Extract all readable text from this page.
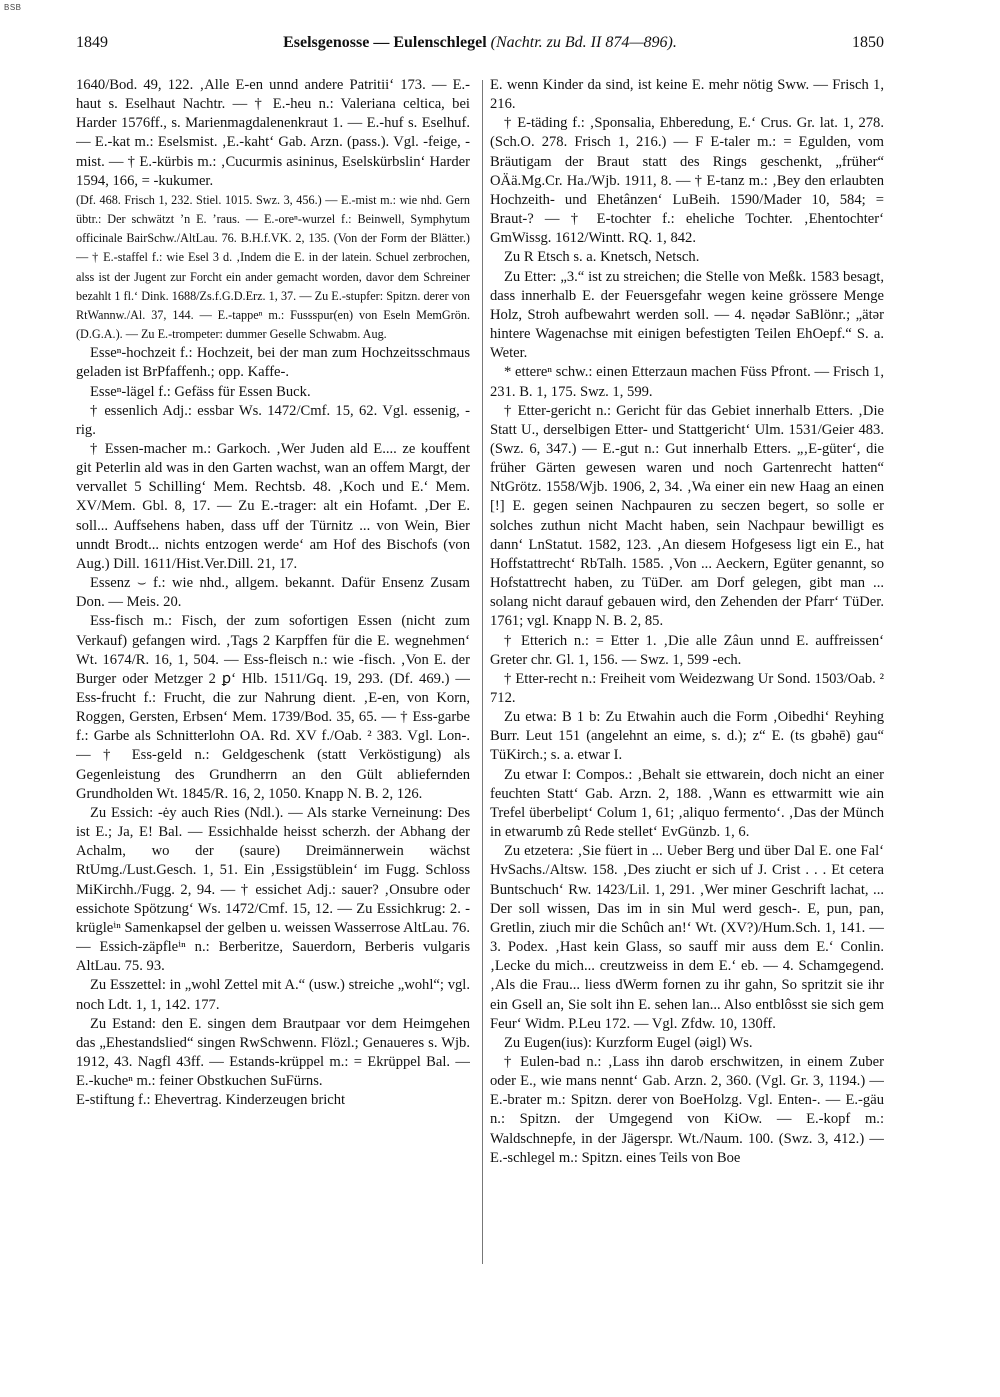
BSB
1849	Eselsgenosse — Eulenschlegel (Nachtr. zu Bd. II 874—896).	1850

1640/Bod. 49, 122. ‚Alle E-en unnd andere Patritii‘ 173. — E.-haut s. Eselhaut Nachtr. — † E.-heu n.: Valeriana celtica, bei Harder 1576ff., s. Marienmagdalenenkraut 1. — E.-huf s. Eselhuf. — E.-kat m.: Eselsmist. ‚E.-kaht‘ Gab. Arzn. (pass.). Vgl. -feige, -mist. — † E.-kürbis m.: ‚Cucurmis asininus, Eselskürbslin‘ Harder 1594, 166, = -kukumer.

(Df. 468. Frisch 1, 232. Stiel. 1015. Swz. 3, 456.) — E.-mist m.: wie nhd. Gern übtr.: Der schwätzt ’n E. ’raus. — E.-oreⁿ-wurzel f.: Beinwell, Symphytum officinale BairSchw./AltLau. 76. B.H.f.VK. 2, 135. (Von der Form der Blätter.) — † E.-staffel f.: wie Esel 3 d. ‚Indem die E. in der latein. Schuel zerbrochen, alss ist der Jugent zur Forcht ein ander gemacht worden, davor dem Schreiner bezahlt 1 fl.‘ Dink. 1688/Zs.f.G.D.Erz. 1, 37. — Zu E.-stupfer: Spitzn. derer von RtWannw./Al. 37, 144. — E.-tappeⁿ m.: Fussspur(en) von Eseln MemGrön. (D.G.A.). — Zu E.-trompeter: dummer Geselle Schwabm. Aug.

Esseⁿ-hochzeit f.: Hochzeit, bei der man zum Hochzeitsschmaus geladen ist BrPfaffenh.; opp. Kaffe-.

Esseⁿ-lägel f.: Gefäss für Essen Buck.

† essenlich Adj.: essbar Ws. 1472/Cmf. 15, 62. Vgl. essenig, -rig.

† Essen-macher m.: Garkoch. ‚Wer Juden ald E.... ze kouffent git Peterlin ald was in den Garten wachst, wan an offem Margt, der vervallet 5 Schilling‘ Mem. Rechtsb. 48. ‚Koch und E.‘ Mem. XV/Mem. Gbl. 8, 17. — Zu E.-trager: alt ein Hofamt. ‚Der E. soll... Auffsehens haben, dass uff der Türnitz ... von Wein, Bier unndt Brodt... nichts entzogen werde‘ am Hof des Bischofs (von Aug.) Dill. 1611/Hist.Ver.Dill. 21, 17.

Essenz ⌣ f.: wie nhd., allgem. bekannt. Dafür Ensenz Zusam Don. — Meis. 20.

Ess-fisch m.: Fisch, der zum sofortigen Essen (nicht zum Verkauf) gefangen wird. ‚Tags 2 Karpffen für die E. wegnehmen‘ Wt. 1674/R. 16, 1, 504. — Ess-fleisch n.: wie -fisch. ‚Von E. der Burger oder Metzger 2 ꝑ‘ Hlb. 1511/Gq. 19, 293. (Df. 469.) — Ess-frucht f.: Frucht, die zur Nahrung dient. ‚E-en, von Korn, Roggen, Gersten, Erbsen‘ Mem. 1739/Bod. 35, 65. — † Ess-garbe f.: Garbe als Schnitterlohn OA. Rd. XV f./Oab. ² 383. Vgl. Lon-. — † Ess-geld n.: Geldgeschenk (statt Verköstigung) als Gegenleistung des Grundherrn an den Gült abliefernden Grundholden Wt. 1845/R. 16, 2, 1050. Knapp N. B. 2, 126.

Zu Essich: -ėy auch Ries (Ndl.). — Als starke Verneinung: Des ist E.; Ja, E! Bal. — Essichhalde heisst scherzh. der Abhang der Achalm, wo der (saure) Dreimännerwein wächst RtUmg./Lust.Gesch. 1, 51. Ein ‚Essigstüblein‘ im Fugg. Schloss MiKirchh./Fugg. 2, 94. — † essichet Adj.: sauer? ‚Onsubre oder essichote Spötzung‘ Ws. 1472/Cmf. 15, 12. — Zu Essichkrug: 2. -krügleⁱⁿ Samenkapsel der gelben u. weissen Wasserrose AltLau. 76. — Essich-zäpfleⁱⁿ n.: Berberitze, Sauerdorn, Berberis vulgaris AltLau. 75. 93.

Zu Esszettel: in „wohl Zettel mit A.“ (usw.) streiche „wohl“; vgl. noch Ldt. 1, 1, 142. 177.

Zu Estand: den E. singen dem Brautpaar vor dem Heimgehen das „Ehestandslied“ singen RwSchwenn. Flözl.; Genaueres s. Wjb. 1912, 43. Nagfl 43ff. — Estands-krüppel m.: = Ekrüppel Bal. — E.-kucheⁿ m.: feiner Obstkuchen SuFürns.

E-stiftung f.: Ehevertrag. Kinderzeugen bricht

E. wenn Kinder da sind, ist keine E. mehr nötig Sww. — Frisch 1, 216.

† E-täding f.: ‚Sponsalia, Ehberedung, E.‘ Crus. Gr. lat. 1, 278. (Sch.O. 278. Frisch 1, 216.) — F E-taler m.: = Egulden, vom Bräutigam der Braut statt des Rings geschenkt, „früher“ OÄä.Mg.Cr. Ha./Wjb. 1911, 8. — † E-tanz m.: ‚Bey den erlaubten Hochzeith- und Ehetânzen‘ LuBeih. 1590/Mader 10, 584; = Braut-? — † E-tochter f.: eheliche Tochter. ‚Ehentochter‘ GmWissg. 1612/Wintt. RQ. 1, 842.

Zu R Etsch s. a. Knetsch, Netsch.

Zu Etter: „3.“ ist zu streichen; die Stelle von Meßk. 1583 besagt, dass innerhalb E. der Feuersgefahr wegen keine grössere Menge Holz, Stroh aufbewahrt werden soll. — 4. nęədər SaBlönr.; „ätər hintere Wagenachse mit einigen befestigten Teilen EhOepf.“ S. a. Weter.

* ettereⁿ schw.: einen Etterzaun machen Füss Pfront. — Frisch 1, 231. B. 1, 175. Swz. 1, 599.

† Etter-gericht n.: Gericht für das Gebiet innerhalb Etters. ‚Die Statt U., derselbigen Etter- und Stattgericht‘ Ulm. 1531/Geier 483. (Swz. 6, 347.) — E.-gut n.: Gut innerhalb Etters. „‚E-güter‘, die früher Gärten gewesen waren und noch Gartenrecht hatten“ NtGrötz. 1558/Wjb. 1906, 2, 34. ‚Wa einer ein new Haag an einen [!] E. gegen seinen Nachpauren zu seczen begert, so solle er solches zuthun nicht Macht haben, sein Nachpaur bewilligt es dann‘ LnStatut. 1582, 123. ‚An diesem Hofgesess ligt ein E., hat Hoffstattrecht‘ RbTalh. 1585. ‚Von ... Aeckern, Egüter genannt, so Hofstattrecht haben, zu TüDer. am Dorf gelegen, gibt man ... solang nicht darauf gebauen wird, den Zehenden der Pfarr‘ TüDer. 1761; vgl. Knapp N. B. 2, 85.

† Etterich n.: = Etter 1. ‚Die alle Zâun unnd E. auffreissen‘ Greter chr. Gl. 1, 156. — Swz. 1, 599 -ech.

† Etter-recht n.: Freiheit vom Weidezwang Ur Sond. 1503/Oab. ² 712.

Zu etwa: B 1 b: Zu Etwahin auch die Form ‚Oibedhi‘ Reyhing Burr. Leut 151 (angelehnt an eime, s. d.); z“ E. (ts gbəhē) gau“ TüKirch.; s. a. etwar I.

Zu etwar I: Compos.: ‚Behalt sie ettwarein, doch nicht an einer feuchten Statt‘ Gab. Arzn. 2, 188. ‚Wann es ettwarmitt wie ain Trefel überbelipt‘ Colum 1, 61; ‚aliquo fermento‘. ‚Das der Münch in etwarumb zû Rede stellet‘ EvGünzb. 1, 6.

Zu etzetera: ‚Sie füert in ... Ueber Berg und über Dal E. one Fal‘ HvSachs./Altsw. 158. ‚Des ziucht er sich uf J. Crist . . . Et cetera Buntschuch‘ Rw. 1423/Lil. 1, 291. ‚Wer miner Geschrift lachat, ... Der soll wissen, Das im in sin Mul werd gesch-. E, pun, pan, Gretlin, ziuch mir die Schûch an!‘ Wt. (XV?)/Hum.Sch. 1, 141. — 3. Podex. ‚Hast kein Glass, so sauff mir auss dem E.‘ Conlin. ‚Lecke du mich... creutzweiss in dem E.‘ eb. — 4. Schamgegend. ‚Als die Frau... liess dWerm fornen zu ihr gahn, So spritzit sie ihr ein Gsell an, Sie solt ihn E. sehen lan... Also entblôsst sie sich gem Feur‘ Widm. P.Leu 172. — Vgl. Zfdw. 10, 130ff.

Zu Eugen(ius): Kurzform Eugel (əigl) Ws.

† Eulen-bad n.: ‚Lass ihn darob erschwitzen, in einem Zuber oder E., wie mans nennt‘ Gab. Arzn. 2, 360. (Vgl. Gr. 3, 1194.) — E.-brater m.: Spitzn. derer von BoeHolzg. Vgl. Enten-. — E.-gäu n.: Spitzn. der Umgegend von KiOw. — E.-kopf m.: Waldschnepfe, in der Jägerspr. Wt./Naum. 100. (Swz. 3, 412.) — E.-schlegel m.: Spitzn. eines Teils von Boe
